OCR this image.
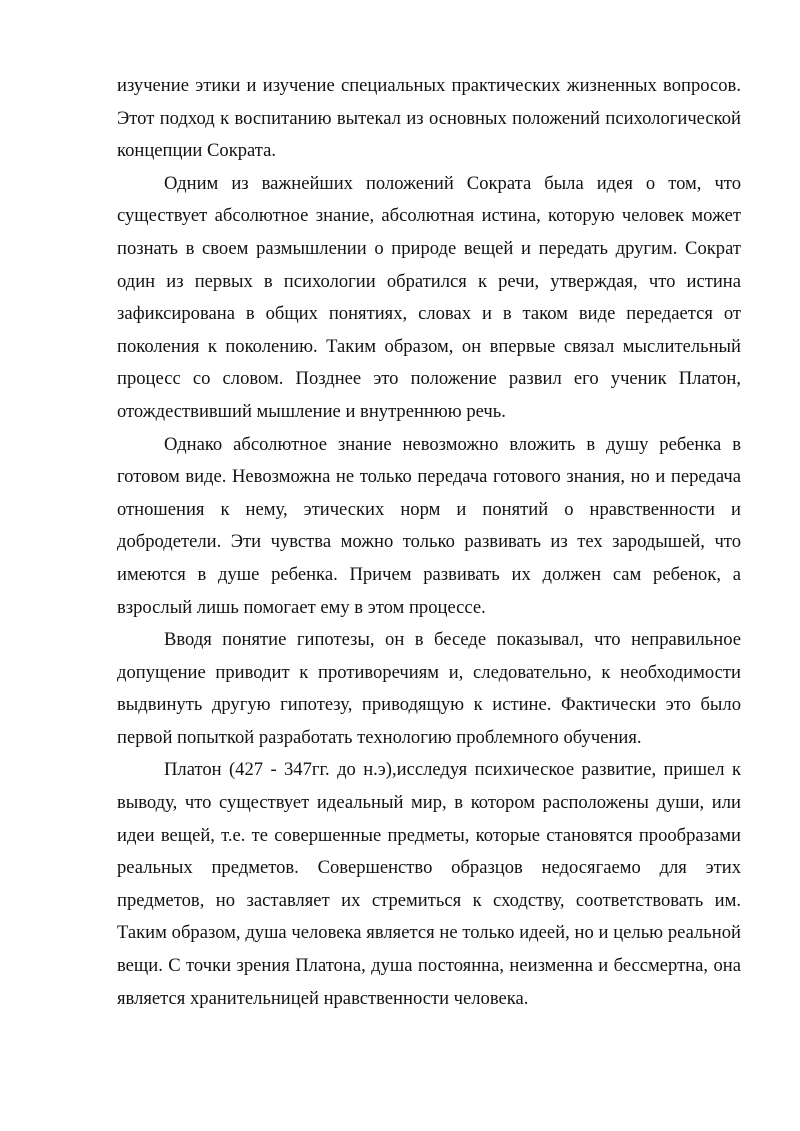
изучение этики и изучение специальных практических жизненных вопросов. Этот подход к воспитанию вытекал из основных положений психологической концепции Сократа.

Одним из важнейших положений Сократа была идея о том, что существует абсолютное знание, абсолютная истина, которую человек может познать в своем размышлении о природе вещей и передать другим. Сократ один из первых в психологии обратился к речи, утверждая, что истина зафиксирована в общих понятиях, словах и в таком виде передается от поколения к поколению. Таким образом, он впервые связал мыслительный процесс со словом. Позднее это положение развил его ученик Платон, отождествивший мышление и внутреннюю речь.

Однако абсолютное знание невозможно вложить в душу ребенка в готовом виде. Невозможна не только передача готового знания, но и передача отношения к нему, этических норм и понятий о нравственности и добродетели. Эти чувства можно только развивать из тех зародышей, что имеются в душе ребенка. Причем развивать их должен сам ребенок, а взрослый лишь помогает ему в этом процессе.

Вводя понятие гипотезы, он в беседе показывал, что неправильное допущение приводит к противоречиям и, следовательно, к необходимости выдвинуть другую гипотезу, приводящую к истине. Фактически это было первой попыткой разработать технологию проблемного обучения.

Платон (427 - 347гг. до н.э),исследуя психическое развитие, пришел к выводу, что существует идеальный мир, в котором расположены души, или идеи вещей, т.е. те совершенные предметы, которые становятся прообразами реальных предметов. Совершенство образцов недосягаемо для этих предметов, но заставляет их стремиться к сходству, соответствовать им. Таким образом, душа человека является не только идеей, но и целью реальной вещи. С точки зрения Платона, душа постоянна, неизменна и бессмертна, она является хранительницей нравственности человека.
